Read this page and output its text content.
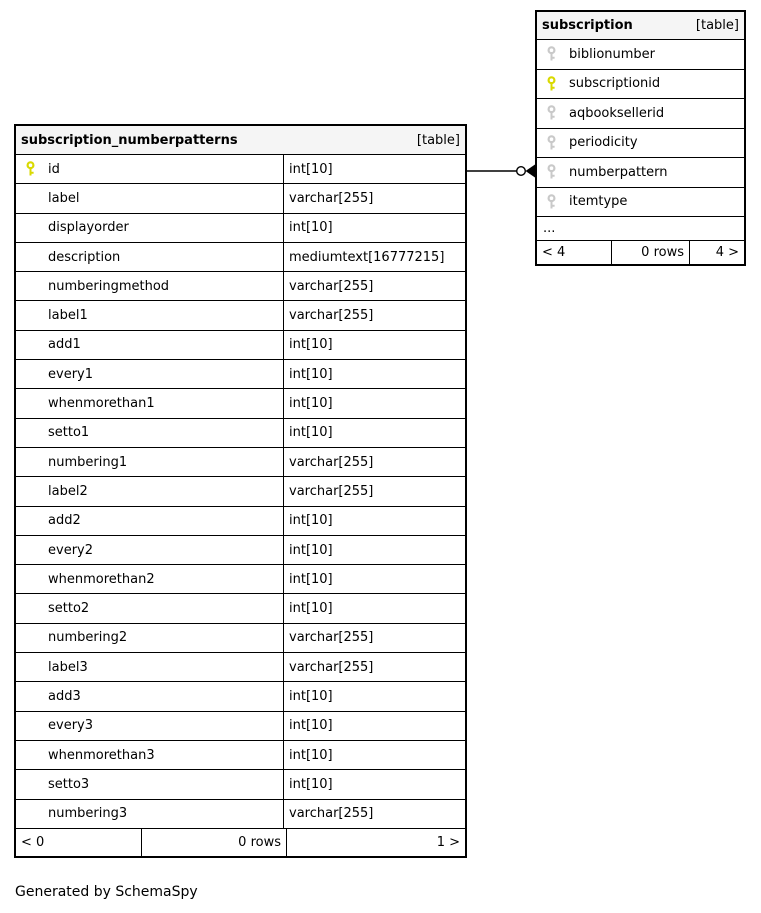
subscription_numberpatterns	[table]
id	int[10]
label	varchar[255]
displayorder	int[10]
description	mediumtext[16777215]
numberingmethod	varchar[255]
label1	varchar[255]
add1	int[10]
every1	int[10]
whenmorethan1	int[10]
setto1	int[10]
numbering1	varchar[255]
label2	varchar[255]
add2	int[10]
every2	int[10]
whenmorethan2	int[10]
setto2	int[10]
numbering2	varchar[255]
label3	varchar[255]
add3	int[10]
every3	int[10]
whenmorethan3	int[10]
setto3	int[10]
numbering3	varchar[255]
< 0	0 rows	1 >
subscription	[table]
biblionumber
subscriptionid
aqbooksellerid
periodicity
numberpattern
itemtype
...
< 4	0 rows	4 >
Generated by SchemaSpy
